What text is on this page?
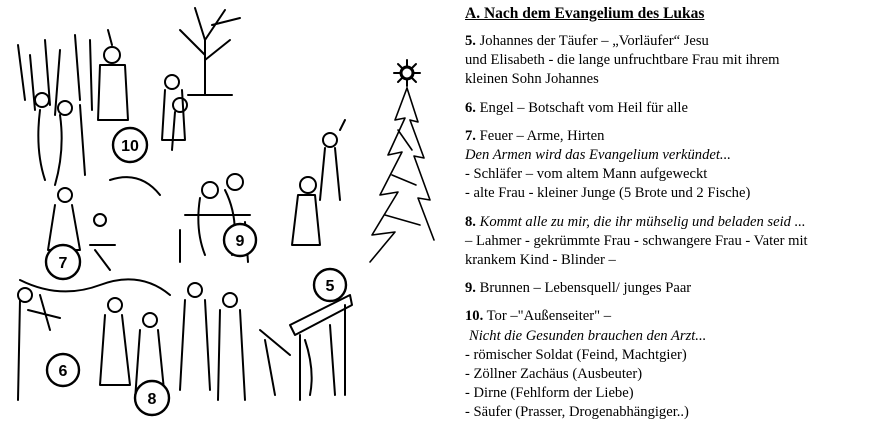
10
9
7
5
6
8
A. Nach dem Evangelium des Lukas
5. Johannes der Täufer – „Vorläufer“ Jesu
und Elisabeth - die lange unfruchtbare Frau mit ihrem
kleinen Sohn Johannes
6. Engel – Botschaft vom Heil für alle
7. Feuer – Arme, Hirten
Den Armen wird das Evangelium verkündet...
- Schläfer – vom altem Mann aufgeweckt
- alte Frau - kleiner Junge (5 Brote und 2 Fische)
8. Kommt alle zu mir, die ihr mühselig und beladen seid ...
– Lahmer - gekrümmte Frau - schwangere Frau - Vater mit
krankem Kind - Blinder –
9. Brunnen – Lebensquell/ junges Paar
10. Tor –"Außenseiter" –
Nicht die Gesunden brauchen den Arzt...
- römischer Soldat (Feind, Machtgier)
- Zöllner Zachäus (Ausbeuter)
- Dirne (Fehlform der Liebe)
- Säufer (Prasser, Drogenabhängiger..)
